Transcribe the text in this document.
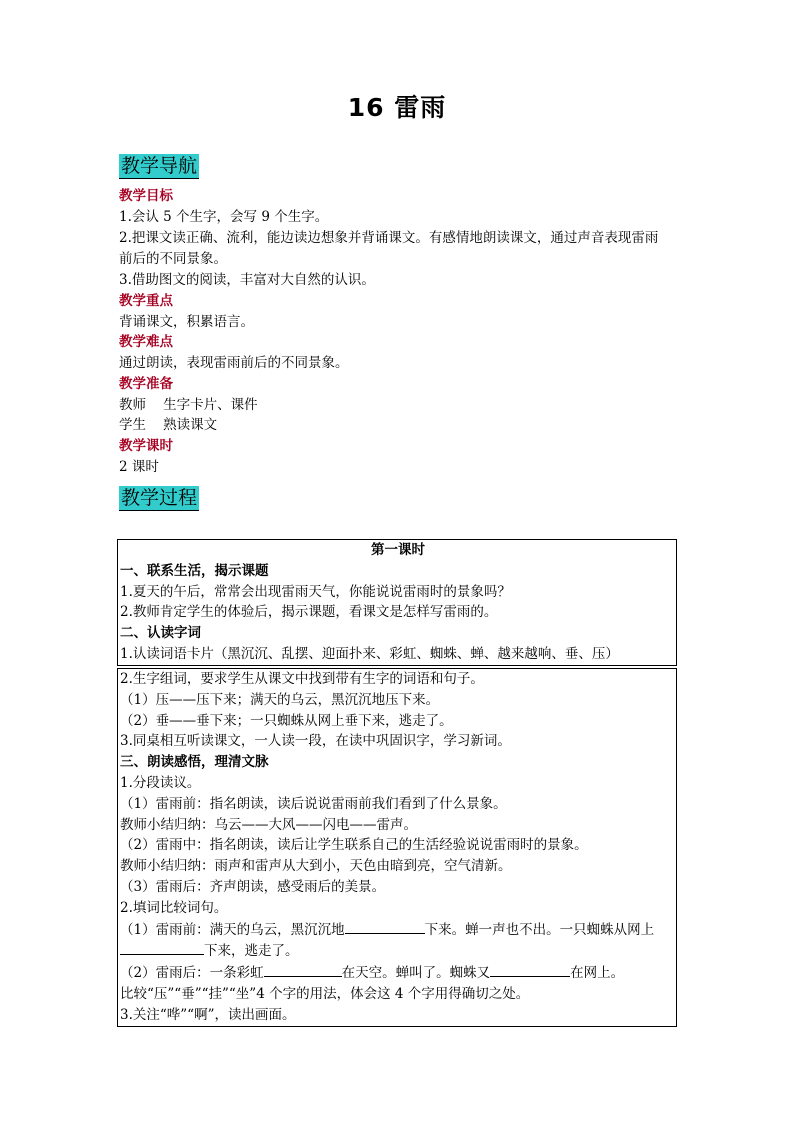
16 雷雨
教学导航
教学目标
1.会认 5 个生字，会写 9 个生字。
2.把课文读正确、流利，能边读边想象并背诵课文。有感情地朗读课文，通过声音表现雷雨
前后的不同景象。
3.借助图文的阅读，丰富对大自然的认识。
教学重点
背诵课文，积累语言。
教学难点
通过朗读，表现雷雨前后的不同景象。
教学准备
教师    生字卡片、课件
学生    熟读课文
教学课时
2 课时
教学过程
第一课时
一、联系生活，揭示课题
1.夏天的午后，常常会出现雷雨天气，你能说说雷雨时的景象吗？
2.教师肯定学生的体验后，揭示课题，看课文是怎样写雷雨的。
二、认读字词
1.认读词语卡片（黑沉沉、乱摆、迎面扑来、彩虹、蜘蛛、蝉、越来越响、垂、压）
2.生字组词，要求学生从课文中找到带有生字的词语和句子。
（1）压——压下来；满天的乌云，黑沉沉地压下来。
（2）垂——垂下来；一只蜘蛛从网上垂下来，逃走了。
3.同桌相互听读课文，一人读一段，在读中巩固识字，学习新词。
三、朗读感悟，理清文脉
1.分段读议。
（1）雷雨前：指名朗读，读后说说雷雨前我们看到了什么景象。
教师小结归纳：乌云——大风——闪电——雷声。
（2）雷雨中：指名朗读，读后让学生联系自己的生活经验说说雷雨时的景象。
教师小结归纳：雨声和雷声从大到小，天色由暗到亮，空气清新。
（3）雷雨后：齐声朗读，感受雨后的美景。
2.填词比较词句。
（1）雷雨前：满天的乌云，黑沉沉地	下来。蝉一声也不出。一只蜘蛛从网上
下来，逃走了。
（2）雷雨后：一条彩虹	在天空。蝉叫了。蜘蛛又	在网上。
比较“压”“垂”“挂”“坐”4 个字的用法，体会这 4 个字用得确切之处。
3.关注“哗”“啊”，读出画面。
